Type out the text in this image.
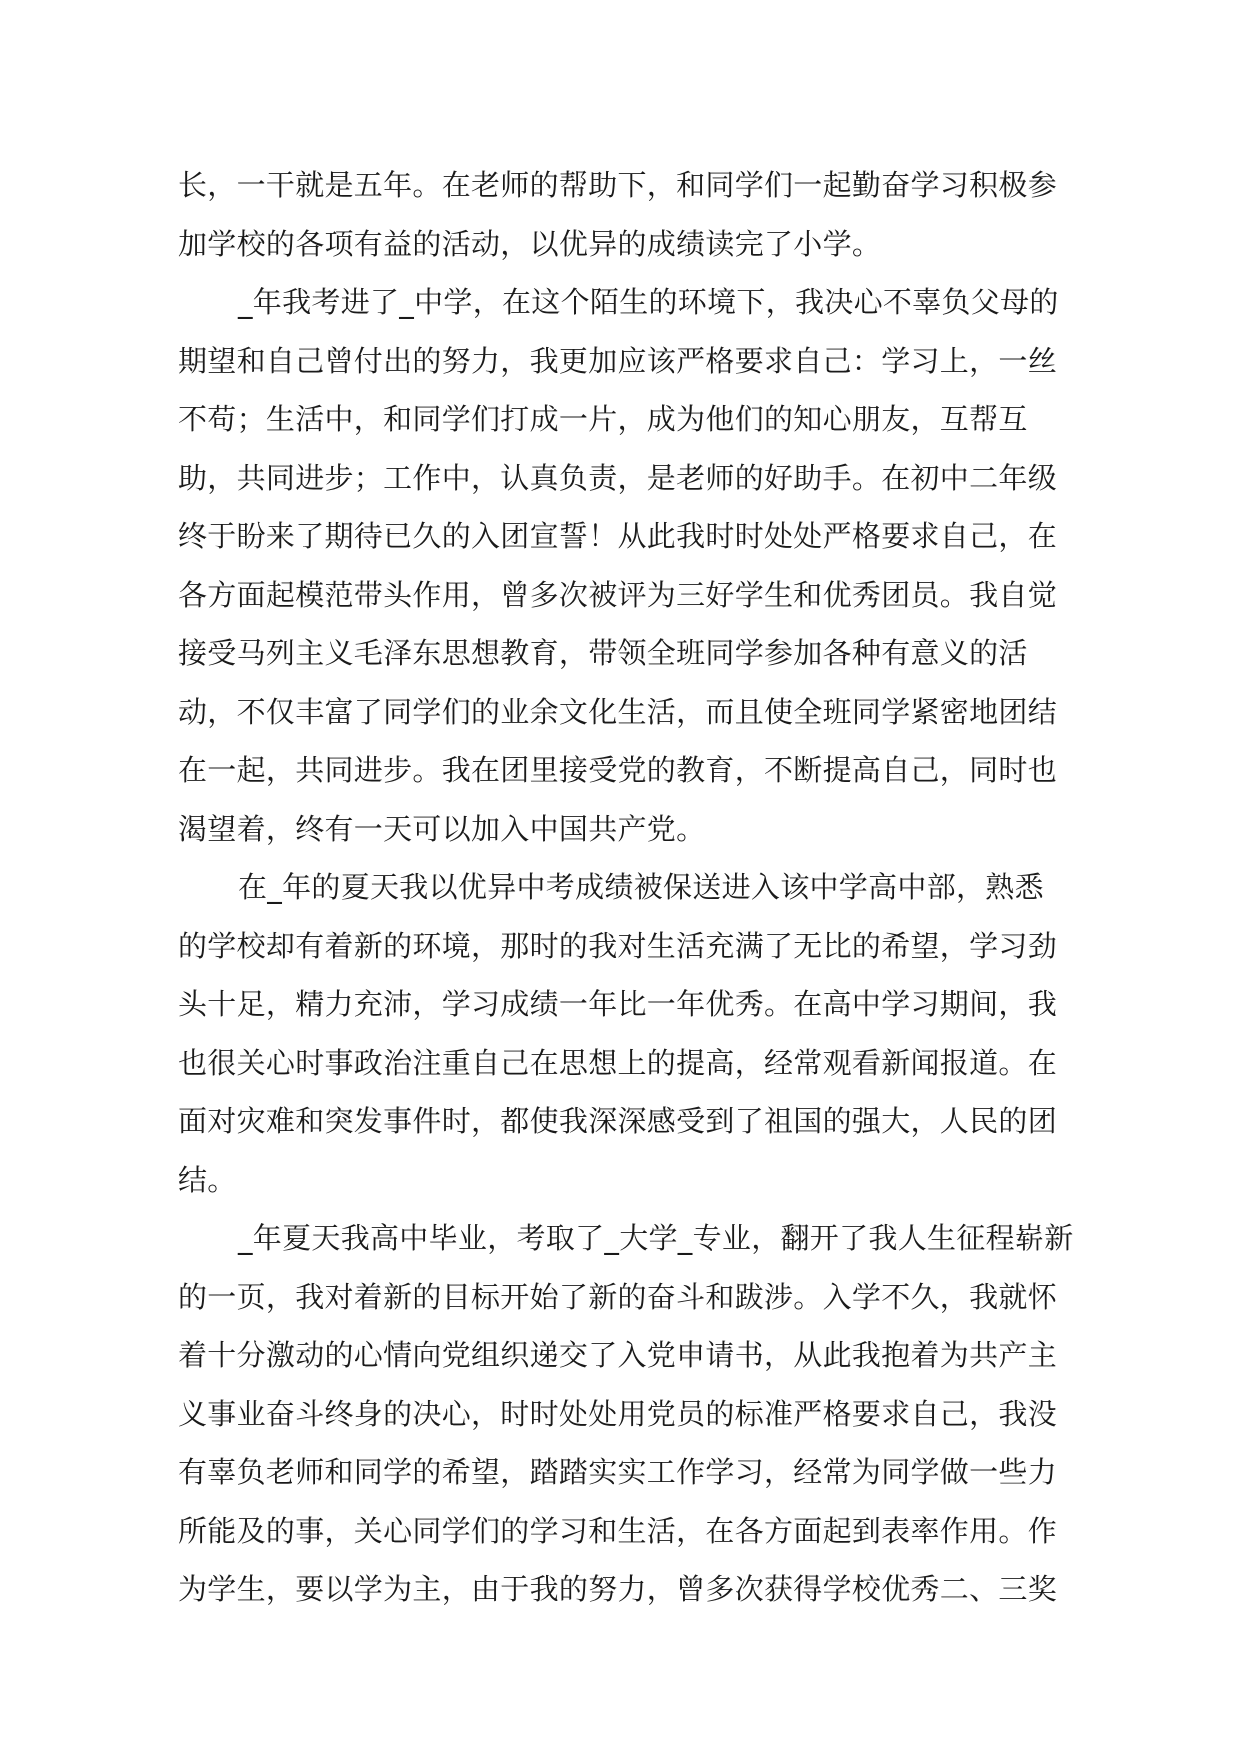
长，一干就是五年。在老师的帮助下，和同学们一起勤奋学习积极参
加学校的各项有益的活动，以优异的成绩读完了小学。
_年我考进了_中学，在这个陌生的环境下，我决心不辜负父母的
期望和自己曾付出的努力，我更加应该严格要求自己：学习上，一丝
不苟；生活中，和同学们打成一片，成为他们的知心朋友，互帮互
助，共同进步；工作中，认真负责，是老师的好助手。在初中二年级
终于盼来了期待已久的入团宣誓！从此我时时处处严格要求自己，在
各方面起模范带头作用，曾多次被评为三好学生和优秀团员。我自觉
接受马列主义毛泽东思想教育，带领全班同学参加各种有意义的活
动，不仅丰富了同学们的业余文化生活，而且使全班同学紧密地团结
在一起，共同进步。我在团里接受党的教育，不断提高自己，同时也
渴望着，终有一天可以加入中国共产党。
在_年的夏天我以优异中考成绩被保送进入该中学高中部，熟悉
的学校却有着新的环境，那时的我对生活充满了无比的希望，学习劲
头十足，精力充沛，学习成绩一年比一年优秀。在高中学习期间，我
也很关心时事政治注重自己在思想上的提高，经常观看新闻报道。在
面对灾难和突发事件时，都使我深深感受到了祖国的强大，人民的团
结。
_年夏天我高中毕业，考取了_大学_专业，翻开了我人生征程崭新
的一页，我对着新的目标开始了新的奋斗和跋涉。入学不久，我就怀
着十分激动的心情向党组织递交了入党申请书，从此我抱着为共产主
义事业奋斗终身的决心，时时处处用党员的标准严格要求自己，我没
有辜负老师和同学的希望，踏踏实实工作学习，经常为同学做一些力
所能及的事，关心同学们的学习和生活，在各方面起到表率作用。作
为学生，要以学为主，由于我的努力，曾多次获得学校优秀二、三奖
